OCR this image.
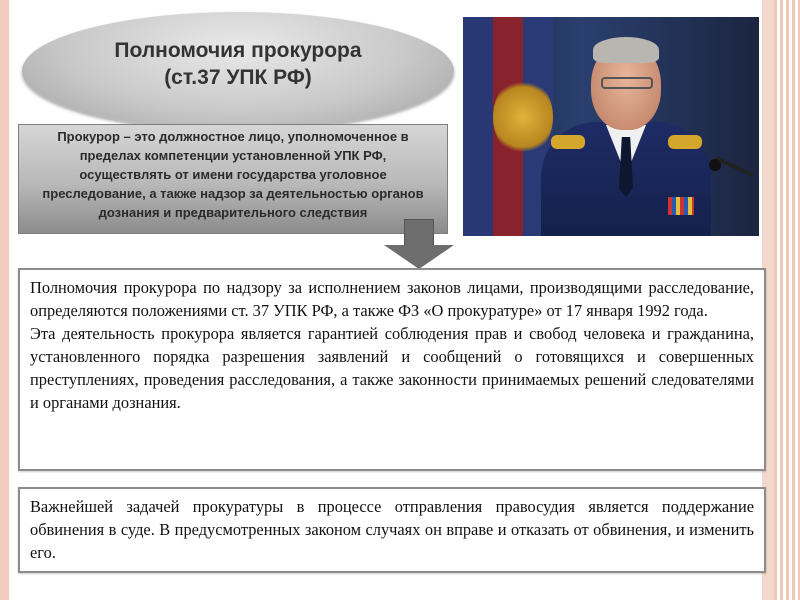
Полномочия прокурора
(ст.37 УПК РФ)
Прокурор – это должностное лицо, уполномоченное в пределах компетенции установленной УПК РФ, осуществлять от имени государства уголовное преследование, а также надзор за деятельностью органов дознания и предварительного следствия

Полномочия прокурора по надзору за исполнением законов лицами, производящими расследование, определяются положениями ст. 37 УПК РФ, а также ФЗ «О прокуратуре» от 17 января 1992 года.

Эта деятельность прокурора является гарантией соблюдения прав и свобод человека и гражданина, установленного порядка разрешения заявлений и сообщений о готовящихся и совершенных преступлениях, проведения расследования, а также законности принимаемых решений следователями и органами дознания.

Важнейшей задачей прокуратуры в процессе отправления правосудия является поддержание обвинения в суде. В предусмотренных законом случаях он вправе и отказать от обвинения, и изменить его.
